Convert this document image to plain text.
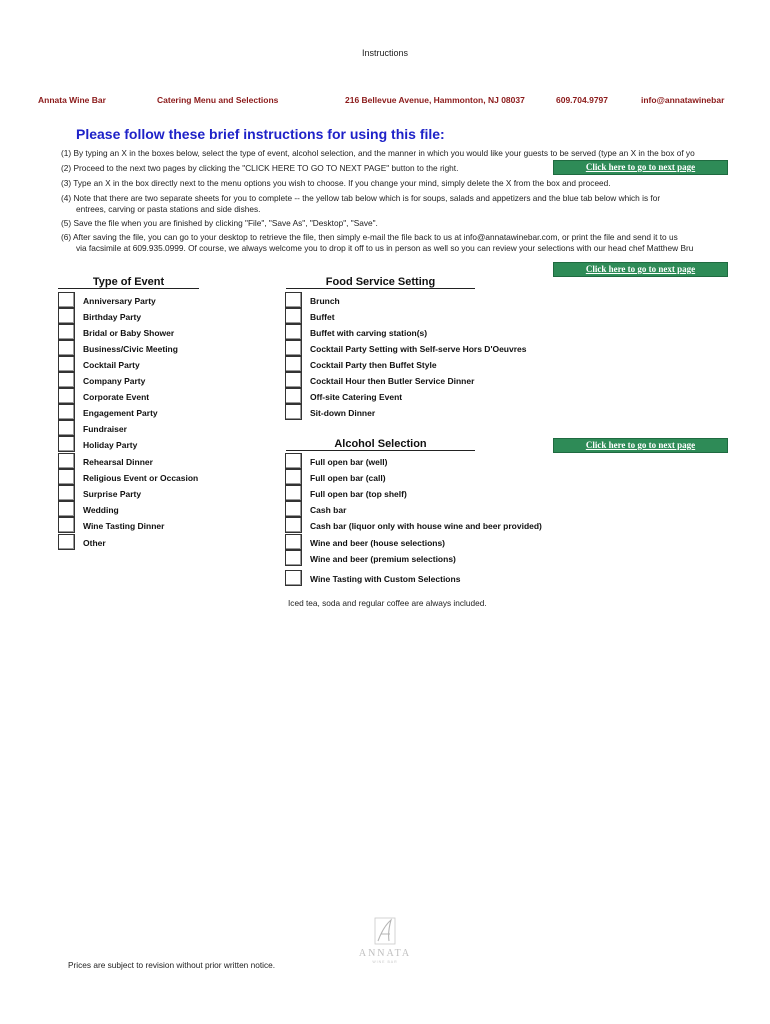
Instructions
Annata Wine Bar	Catering Menu and Selections	216 Bellevue Avenue, Hammonton, NJ 08037	609.704.9797	info@annatawinebar
Please follow these brief instructions for using this file:
(1) By typing an X in the boxes below, select the type of event, alcohol selection, and the manner in which you would like your guests to be served (type an X in the box of yo
(2) Proceed to the next two pages by clicking the "CLICK HERE TO GO TO NEXT PAGE" button to the right.	Click here to go to next page
(3) Type an X in the box directly next to the menu options you wish to choose. If you change your mind, simply delete the X from the box and proceed.
(4) Note that there are two separate sheets for you to complete -- the yellow tab below which is for soups, salads and appetizers and the blue tab below which is for
entrees, carving or pasta stations and side dishes.
(5) Save the file when you are finished by clicking "File", "Save As", "Desktop", "Save".
(6) After saving the file, you can go to your desktop to retrieve the file, then simply e-mail the file back to us at info@annatawinebar.com, or print the file and send it to us
via facsimile at 609.935.0999. Of course, we always welcome you to drop it off to us in person as well so you can review your selections with our head chef Matthew Bru
Click here to go to next page
Type of Event	Food Service Setting
Alcohol Selection	Click here to go to next page
Anniversary Party
Birthday Party
Bridal or Baby Shower
Business/Civic Meeting
Cocktail Party
Company Party
Corporate Event
Engagement Party
Fundraiser
Holiday Party
Rehearsal Dinner
Religious Event or Occasion
Surprise Party
Wedding
Wine Tasting Dinner
Other
Brunch
Buffet
Buffet with carving station(s)
Cocktail Party Setting with Self-serve Hors D'Oeuvres
Cocktail Party then Buffet Style
Cocktail Hour then Butler Service Dinner
Off-site Catering Event
Sit-down Dinner
Full open bar (well)
Full open bar (call)
Full open bar (top shelf)
Cash bar
Cash bar (liquor only with house wine and beer provided)
Wine and beer (house selections)
Wine and beer (premium selections)
Wine Tasting with Custom Selections
Iced tea, soda and regular coffee are always included.
ANNATA
WINE BAR
Prices are subject to revision without prior written notice.
